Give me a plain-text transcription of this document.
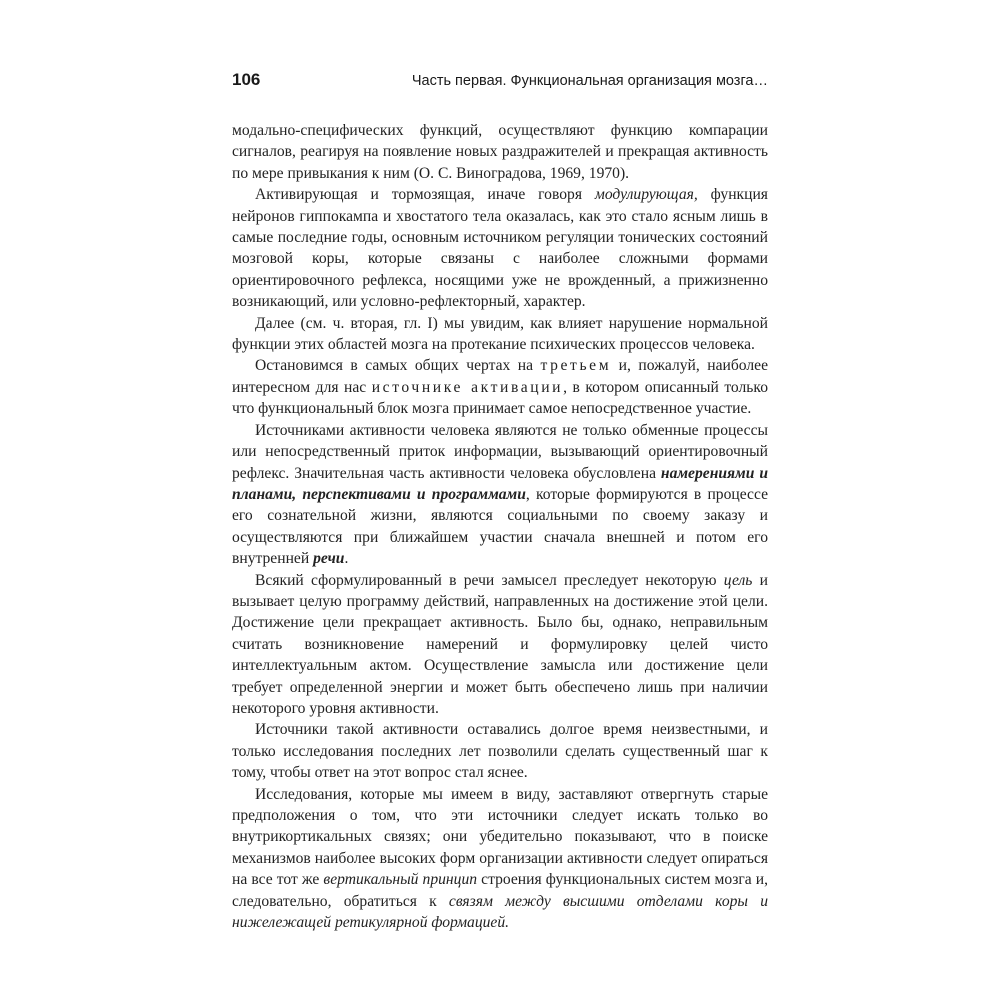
106	Часть первая. Функциональная организация мозга…

модально-специфических функций, осуществляют функцию компарации сигналов, реагируя на появление новых раздражителей и прекращая активность по мере привыкания к ним (О. С. Виноградова, 1969, 1970).

Активирующая и тормозящая, иначе говоря модулирующая, функция нейронов гиппокампа и хвостатого тела оказалась, как это стало ясным лишь в самые последние годы, основным источником регуляции тонических состояний мозговой коры, которые связаны с наиболее сложными формами ориентировочного рефлекса, носящими уже не врожденный, а прижизненно возникающий, или условно-рефлекторный, характер.

Далее (см. ч. вторая, гл. I) мы увидим, как влияет нарушение нормальной функции этих областей мозга на протекание психических процессов человека.

Остановимся в самых общих чертах на третьем и, пожалуй, наиболее интересном для нас источнике активации, в котором описанный только что функциональный блок мозга принимает самое непосредственное участие.

Источниками активности человека являются не только обменные процессы или непосредственный приток информации, вызывающий ориентировочный рефлекс. Значительная часть активности человека обусловлена намерениями и планами, перспективами и программами, которые формируются в процессе его сознательной жизни, являются социальными по своему заказу и осуществляются при ближайшем участии сначала внешней и потом его внутренней речи.

Всякий сформулированный в речи замысел преследует некоторую цель и вызывает целую программу действий, направленных на достижение этой цели. Достижение цели прекращает активность. Было бы, однако, неправильным считать возникновение намерений и формулировку целей чисто интеллектуальным актом. Осуществление замысла или достижение цели требует определенной энергии и может быть обеспечено лишь при наличии некоторого уровня активности.

Источники такой активности оставались долгое время неизвестными, и только исследования последних лет позволили сделать существенный шаг к тому, чтобы ответ на этот вопрос стал яснее.

Исследования, которые мы имеем в виду, заставляют отвергнуть старые предположения о том, что эти источники следует искать только во внутрикортикальных связях; они убедительно показывают, что в поиске механизмов наиболее высоких форм организации активности следует опираться на все тот же вертикальный принцип строения функциональных систем мозга и, следовательно, обратиться к связям между высшими отделами коры и нижележащей ретикулярной формацией.
